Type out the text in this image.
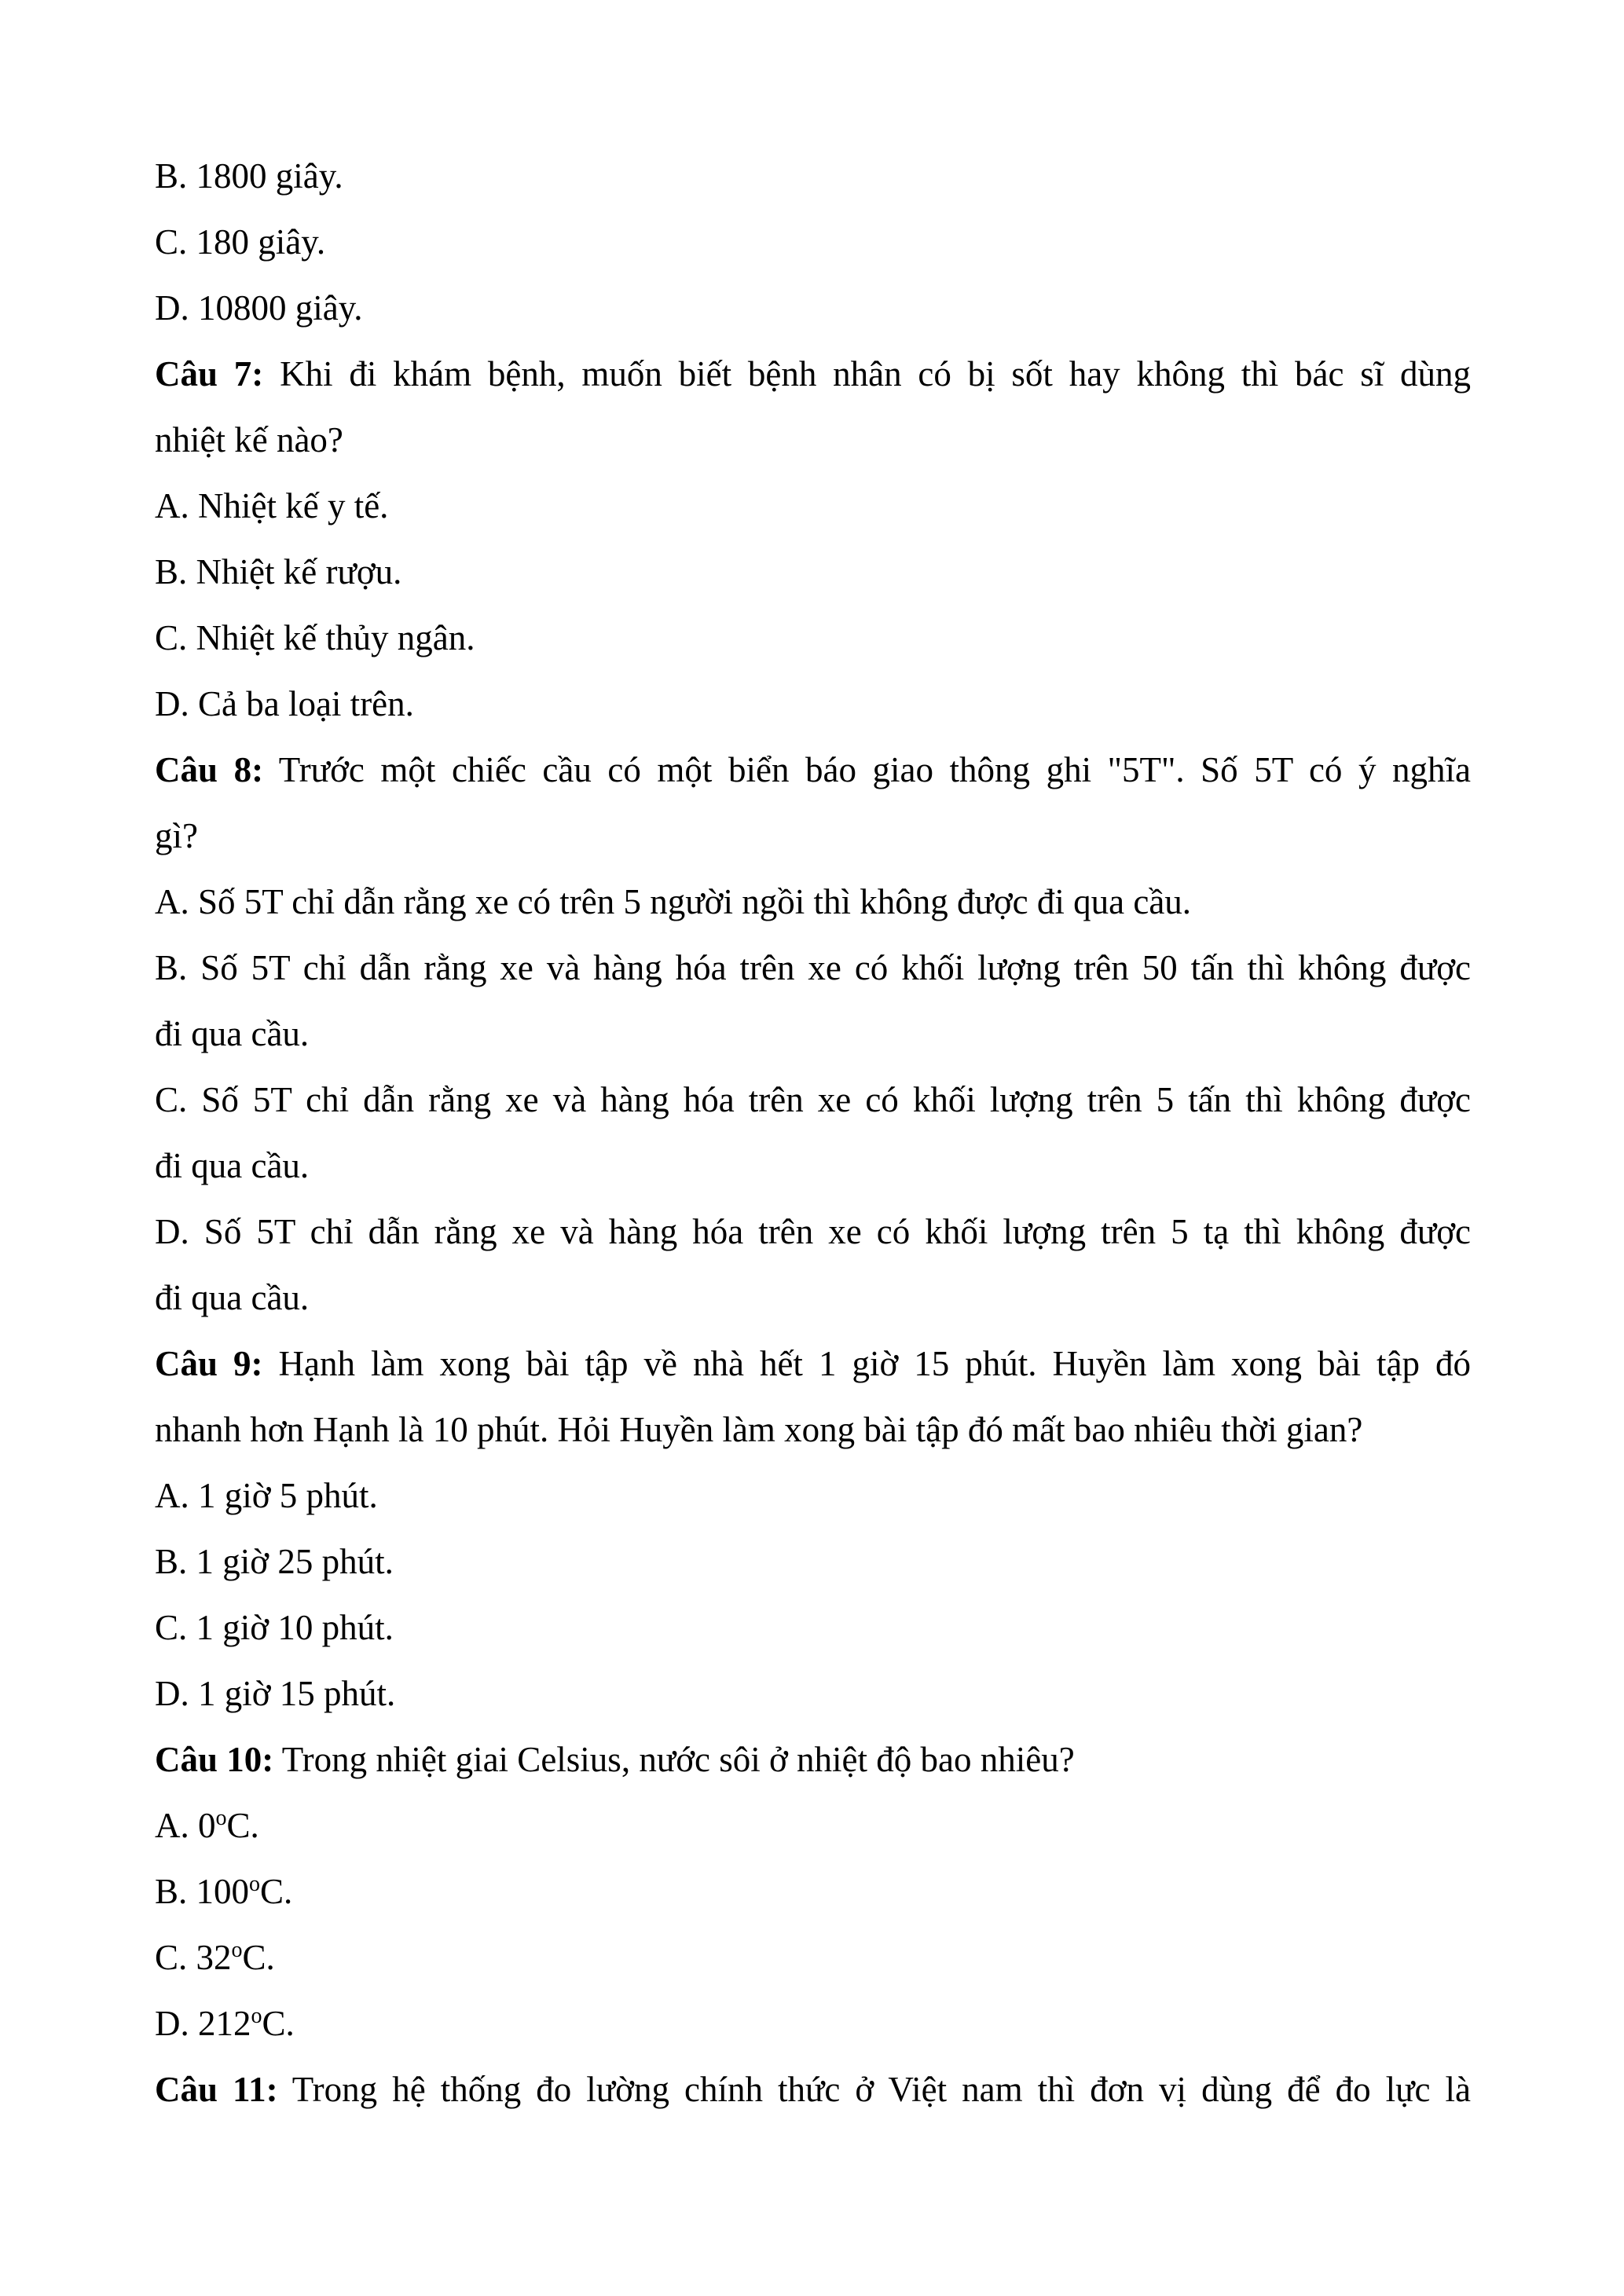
B. 1800 giây.
C. 180 giây.
D. 10800 giây.
Câu 7: Khi đi khám bệnh, muốn biết bệnh nhân có bị sốt hay không thì bác sĩ dùng
nhiệt kế nào?
A. Nhiệt kế y tế.
B. Nhiệt kế rượu.
C. Nhiệt kế thủy ngân.
D. Cả ba loại trên.
Câu 8: Trước một chiếc cầu có một biển báo giao thông ghi "5T". Số 5T có ý nghĩa
gì?
A. Số 5T chỉ dẫn rằng xe có trên 5 người ngồi thì không được đi qua cầu.
B. Số 5T chỉ dẫn rằng xe và hàng hóa trên xe có khối lượng trên 50 tấn thì không được
đi qua cầu.
C. Số 5T chỉ dẫn rằng xe và hàng hóa trên xe có khối lượng trên 5 tấn thì không được
đi qua cầu.
D. Số 5T chỉ dẫn rằng xe và hàng hóa trên xe có khối lượng trên 5 tạ thì không được
đi qua cầu.
Câu 9: Hạnh làm xong bài tập về nhà hết 1 giờ 15 phút. Huyền làm xong bài tập đó
nhanh hơn Hạnh là 10 phút. Hỏi Huyền làm xong bài tập đó mất bao nhiêu thời gian?
A. 1 giờ 5 phút.
B. 1 giờ 25 phút.
C. 1 giờ 10 phút.
D. 1 giờ 15 phút.
Câu 10: Trong nhiệt giai Celsius, nước sôi ở nhiệt độ bao nhiêu?
A. 0$^o$C.
B. 100$^o$C.
C. 32$^o$C.
D. 212$^o$C.
Câu 11: Trong hệ thống đo lường chính thức ở Việt nam thì đơn vị dùng để đo lực là
